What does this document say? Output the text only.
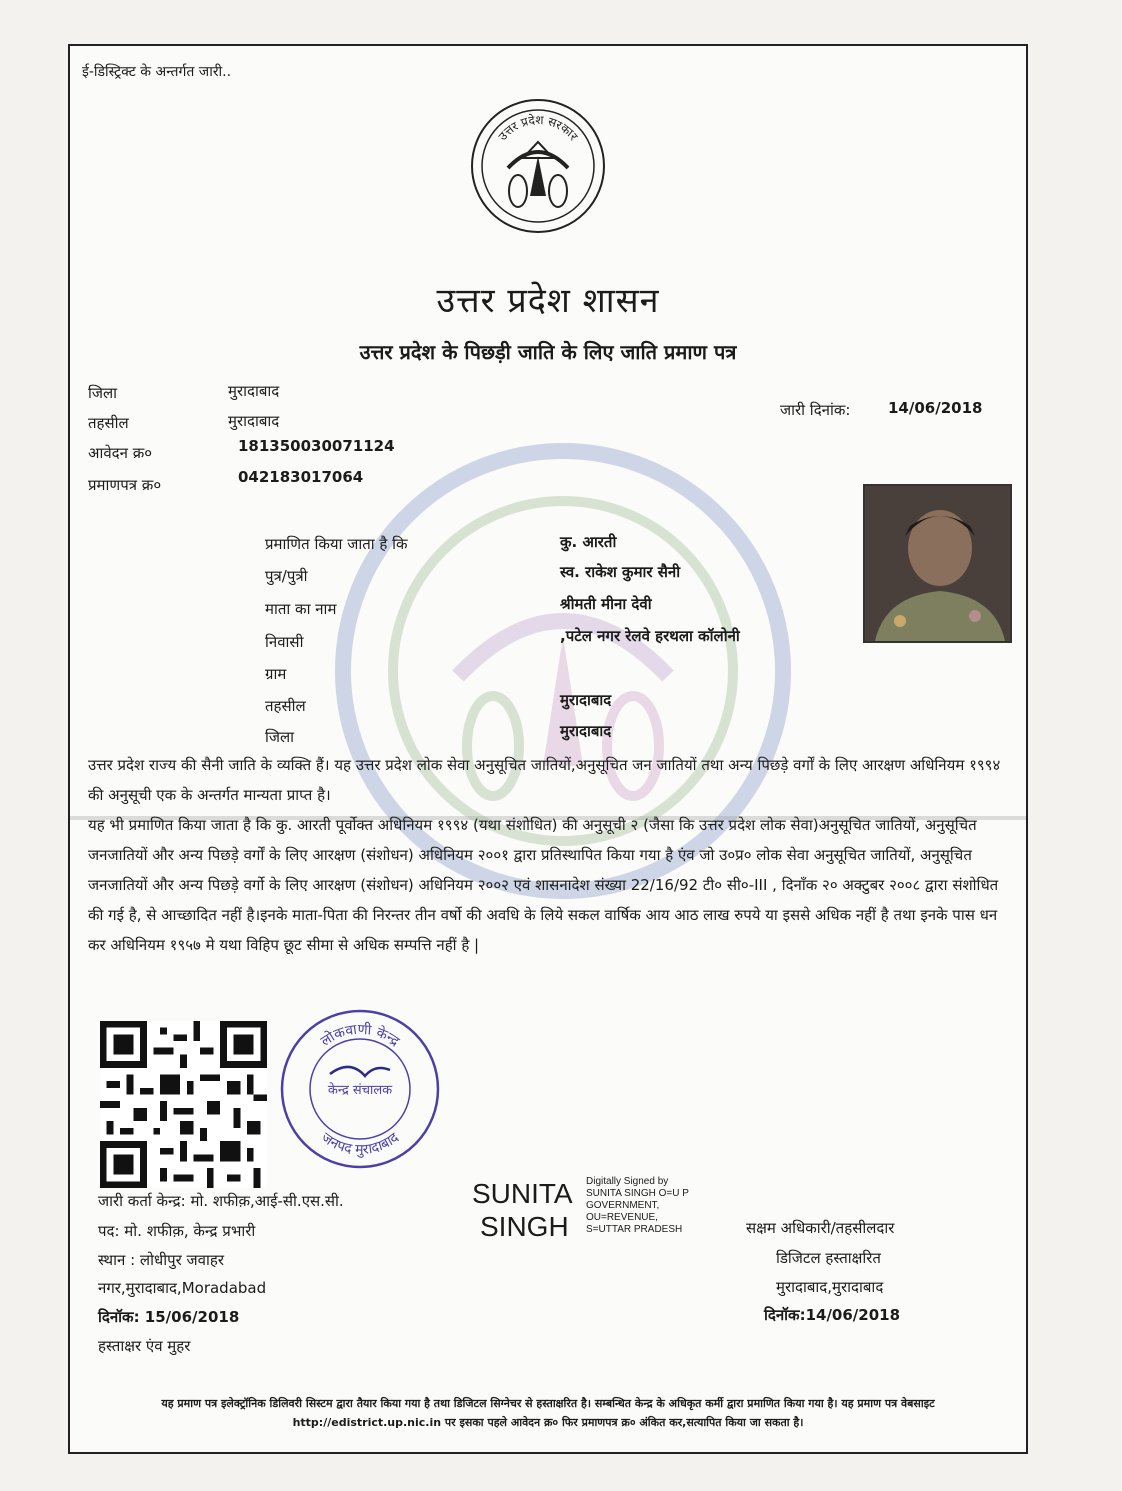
ई-डिस्ट्रिक्ट के अन्तर्गत जारी..
उत्तर प्रदेश सरकार
उत्तर प्रदेश शासन
उत्तर प्रदेश के पिछड़ी जाति के लिए जाति प्रमाण पत्र
जिला	मुरादाबाद
तहसील	मुरादाबाद
आवेदन क्र०	181350030071124
प्रमाणपत्र क्र०	042183017064
जारी दिनांक:	14/06/2018
प्रमाणित किया जाता है कि	कु. आरती
पुत्र/पुत्री	स्व. राकेश कुमार सैनी
माता का नाम	श्रीमती मीना देवी
निवासी	,पटेल नगर रेलवे हरथला कॉलोनी
ग्राम
तहसील	मुरादाबाद
जिला	मुरादाबाद
उत्तर प्रदेश राज्य की सैनी जाति के व्यक्ति हैं। यह उत्तर प्रदेश लोक सेवा अनुसूचित जातियों,अनुसूचित जन जातियों तथा अन्य पिछड़े वर्गों के लिए आरक्षण अधिनियम १९९४ की अनुसूची एक के अन्तर्गत मान्यता प्राप्त है।
यह भी प्रमाणित किया जाता है कि कु. आरती पूर्वोक्त अधिनियम १९९४ (यथा संशोधित) की अनुसूची २ (जैसा कि उत्तर प्रदेश लोक सेवा)अनुसूचित जातियों, अनुसूचित जनजातियों और अन्य पिछड़े वर्गों के लिए आरक्षण (संशोधन) अधिनियम २००१ द्वारा प्रतिस्थापित किया गया है एंव जो उ०प्र० लोक सेवा अनुसूचित जातियों, अनुसूचित जनजातियों और अन्य पिछड़े वर्गो के लिए आरक्षण (संशोधन) अधिनियम २००२ एवं शासनादेश संख्या 22/16/92 टी० सी०-III , दिनाँक २० अक्टुबर २००८ द्वारा संशोधित की गई है, से आच्छादित नहीं है।इनके माता-पिता की निरन्तर तीन वर्षो की अवधि के लिये सकल वार्षिक आय आठ लाख रुपये या इससे अधिक नहीं है तथा इनके पास धन कर अधिनियम १९५७ मे यथा विहिप छूट सीमा से अधिक सम्पत्ति नहीं है |
लोकवाणी केन्द्र
जनपद मुरादाबाद
केन्द्र संचालक
जारी कर्ता केन्द्र: मो. शफीक़,आई-सी.एस.सी.
पद: मो. शफीक़, केन्द्र प्रभारी
स्थान : लोधीपुर जवाहर
नगर,मुरादाबाद,Moradabad
दिनॉक: 15/06/2018
हस्ताक्षर एंव मुहर
SUNITA
SINGH
Digitally Signed by
SUNITA SINGH O=U P
GOVERNMENT,
OU=REVENUE,
S=UTTAR PRADESH	सक्षम अधिकारी/तहसीलदार
डिजिटल हस्ताक्षरित
मुरादाबाद,मुरादाबाद
दिनॉक:14/06/2018
यह प्रमाण पत्र इलेक्ट्रॉनिक डिलिवरी सिस्टम द्वारा तैयार किया गया है तथा डिजिटल सिग्नेचर से हस्ताक्षरित है। सम्बन्धित केन्द्र के अधिकृत कर्मी द्वारा प्रमाणित किया गया है। यह प्रमाण पत्र वेबसाइट http://edistrict.up.nic.in पर इसका पहले आवेदन क्र० फिर प्रमाणपत्र क्र० अंकित कर,सत्यापित किया जा सकता है।
